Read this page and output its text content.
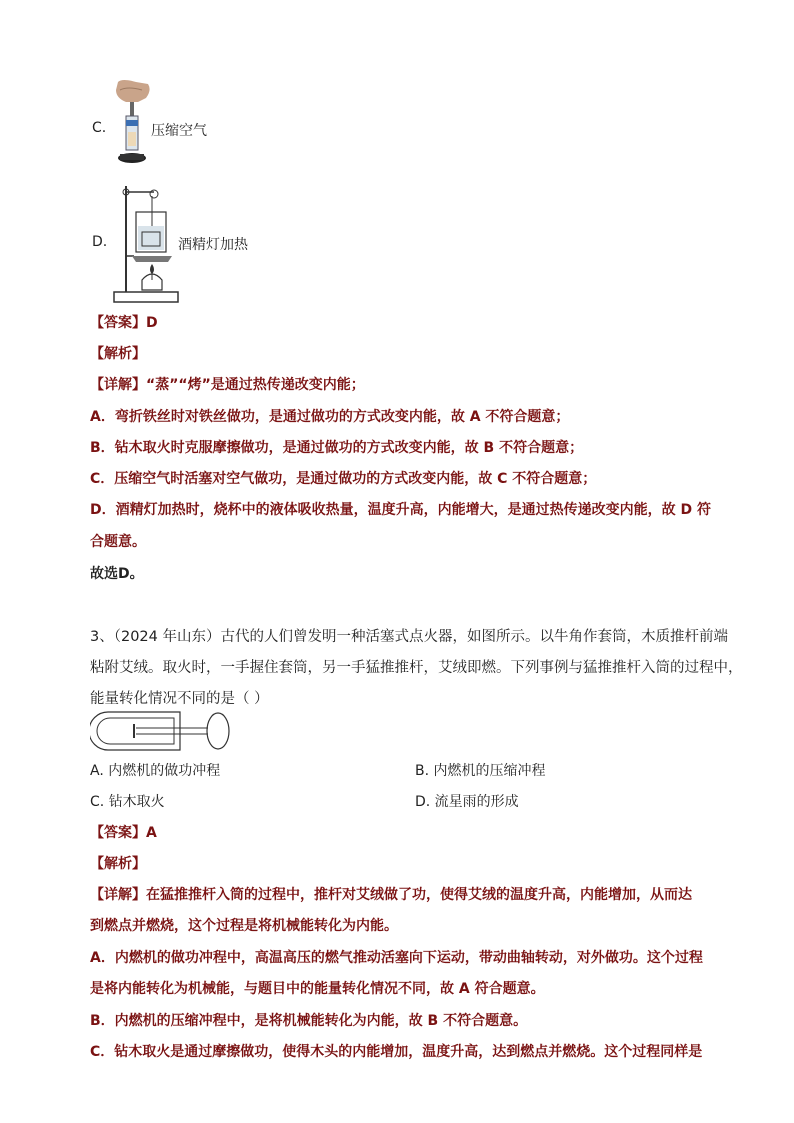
C.	压缩空气
D.	酒精灯加热
【答案】D
【解析】
【详解】“蒸”“烤”是通过热传递改变内能；
A．弯折铁丝时对铁丝做功，是通过做功的方式改变内能，故 A 不符合题意；
B．钻木取火时克服摩擦做功，是通过做功的方式改变内能，故 B 不符合题意；
C．压缩空气时活塞对空气做功，是通过做功的方式改变内能，故 C 不符合题意；
D．酒精灯加热时，烧杯中的液体吸收热量，温度升高，内能增大，是通过热传递改变内能，故 D 符
合题意。
故选D。
3、（2024 年山东）古代的人们曾发明一种活塞式点火器，如图所示。以牛角作套筒，木质推杆前端
粘附艾绒。取火时，一手握住套筒，另一手猛推推杆，艾绒即燃。下列事例与猛推推杆入筒的过程中，
能量转化情况不同的是（ ）
A. 内燃机的做功冲程	B. 内燃机的压缩冲程
C. 钻木取火	D. 流星雨的形成
【答案】A
【解析】
【详解】在猛推推杆入筒的过程中，推杆对艾绒做了功，使得艾绒的温度升高，内能增加，从而达
到燃点并燃烧，这个过程是将机械能转化为内能。
A．内燃机的做功冲程中，高温高压的燃气推动活塞向下运动，带动曲轴转动，对外做功。这个过程
是将内能转化为机械能，与题目中的能量转化情况不同，故 A 符合题意。
B．内燃机的压缩冲程中，是将机械能转化为内能，故 B 不符合题意。
C．钻木取火是通过摩擦做功，使得木头的内能增加，温度升高，达到燃点并燃烧。这个过程同样是
